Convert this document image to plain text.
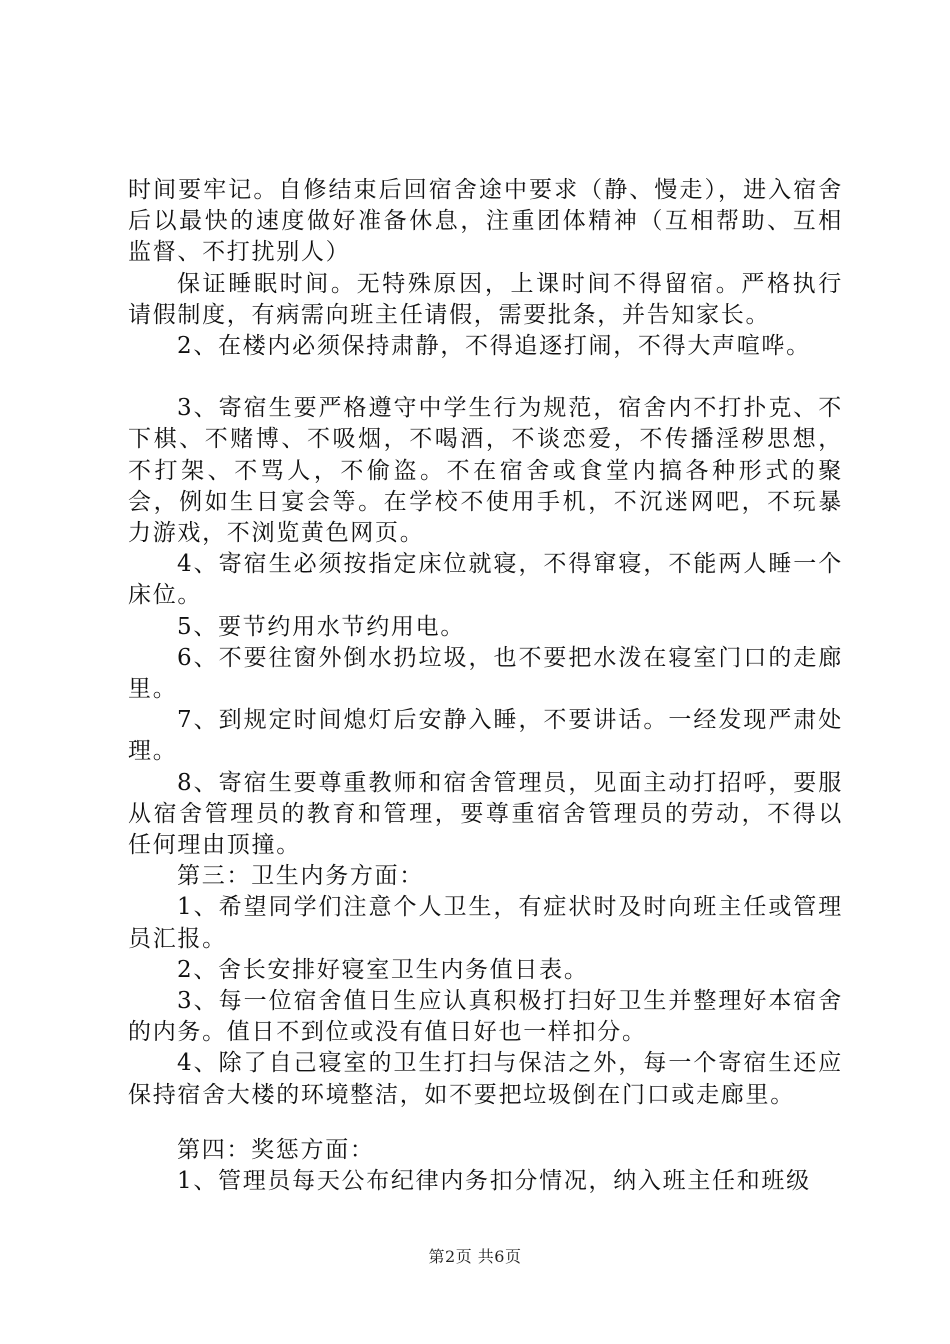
时间要牢记。自修结束后回宿舍途中要求（静、慢走），进入宿舍后以最快的速度做好准备休息，注重团体精神（互相帮助、互相监督、不打扰别人）

保证睡眠时间。无特殊原因，上课时间不得留宿。严格执行请假制度，有病需向班主任请假，需要批条，并告知家长。

2、在楼内必须保持肃静，不得追逐打闹，不得大声喧哗。

3、寄宿生要严格遵守中学生行为规范，宿舍内不打扑克、不下棋、不赌博、不吸烟，不喝酒，不谈恋爱，不传播淫秽思想，不打架、不骂人，不偷盗。不在宿舍或食堂内搞各种形式的聚会，例如生日宴会等。在学校不使用手机，不沉迷网吧，不玩暴力游戏，不浏览黄色网页。

4、寄宿生必须按指定床位就寝，不得窜寝，不能两人睡一个床位。

5、要节约用水节约用电。

6、不要往窗外倒水扔垃圾，也不要把水泼在寝室门口的走廊里。

7、到规定时间熄灯后安静入睡，不要讲话。一经发现严肃处理。

8、寄宿生要尊重教师和宿舍管理员，见面主动打招呼，要服从宿舍管理员的教育和管理，要尊重宿舍管理员的劳动，不得以任何理由顶撞。

第三：卫生内务方面：

1、希望同学们注意个人卫生，有症状时及时向班主任或管理员汇报。

2、舍长安排好寝室卫生内务值日表。

3、每一位宿舍值日生应认真积极打扫好卫生并整理好本宿舍的内务。值日不到位或没有值日好也一样扣分。

4、除了自己寝室的卫生打扫与保洁之外，每一个寄宿生还应保持宿舍大楼的环境整洁，如不要把垃圾倒在门口或走廊里。

第四：奖惩方面：

1、管理员每天公布纪律内务扣分情况，纳入班主任和班级

第2页 共6页
